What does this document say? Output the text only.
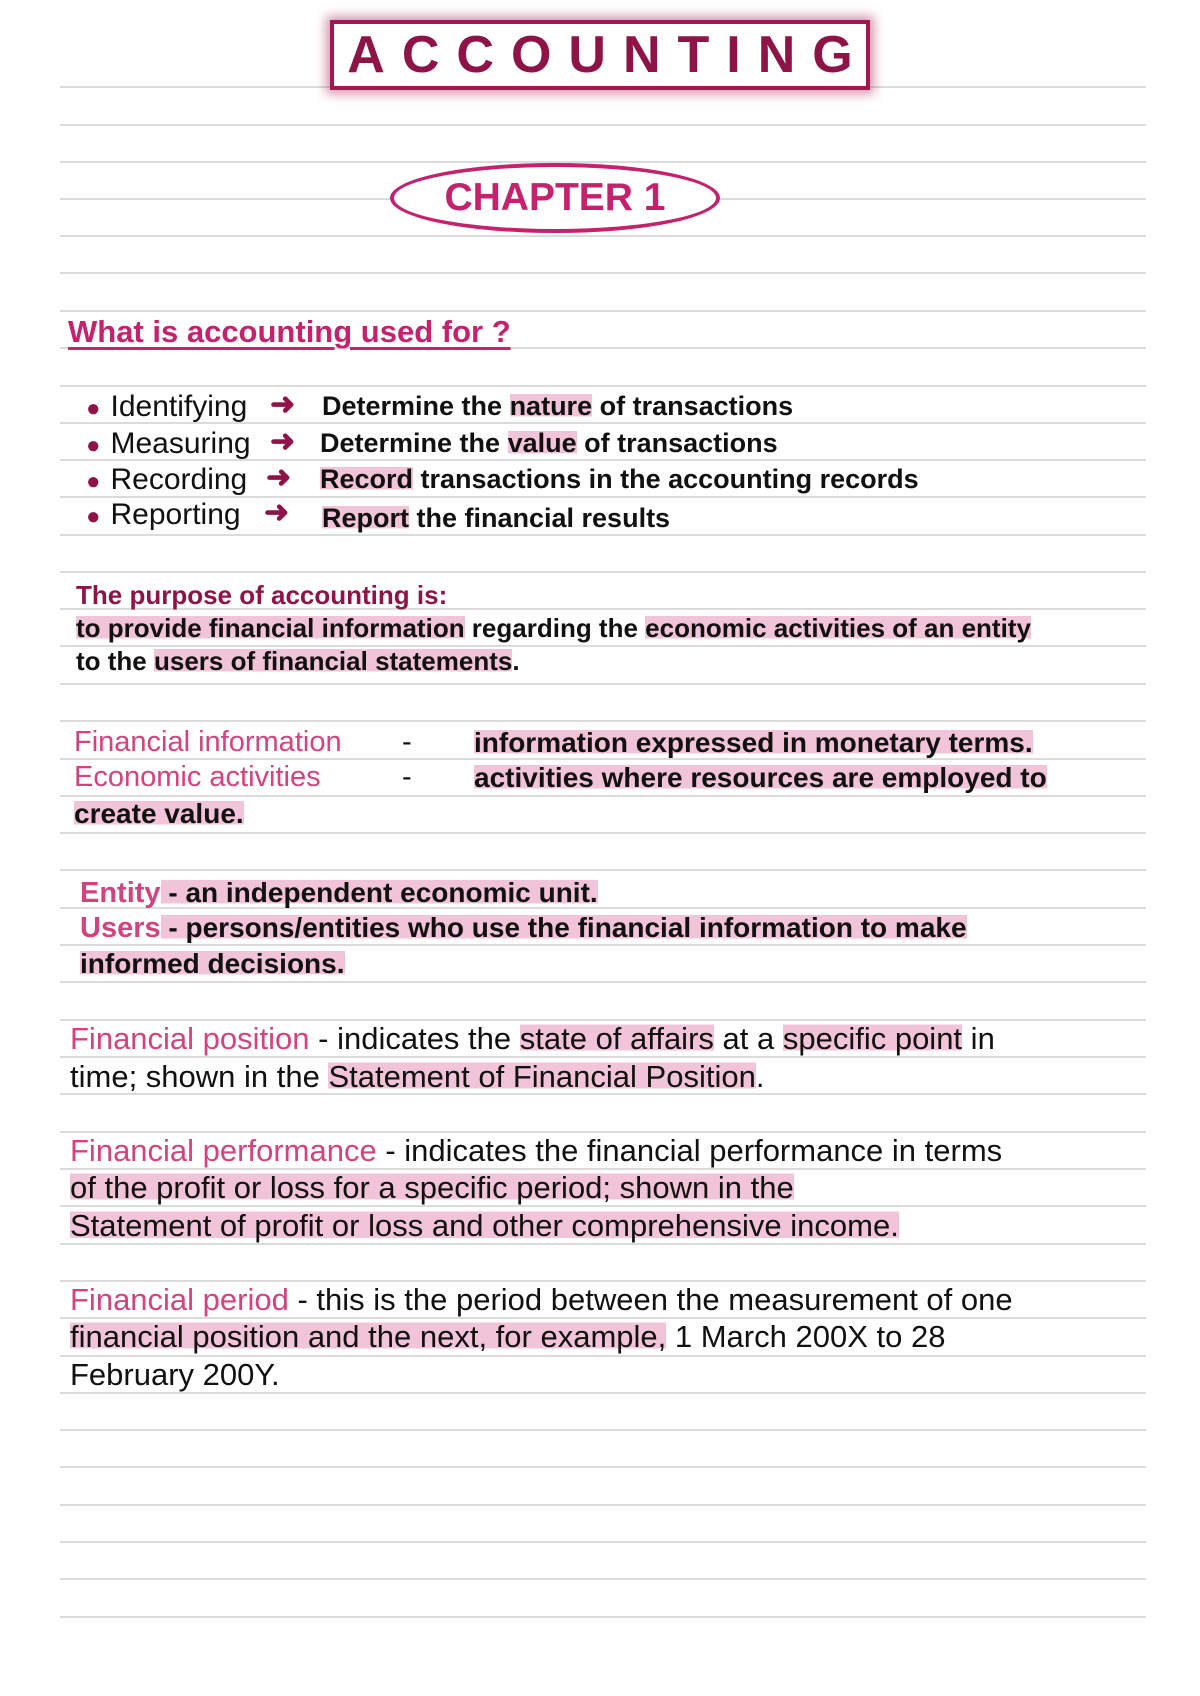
ACCOUNTING
CHAPTER 1
What is accounting used for ?
● Identifying ➜ Determine the nature of transactions
● Measuring ➜ Determine the value of transactions
● Recording ➜ Record transactions in the accounting records
● Reporting ➜ Report the financial results
The purpose of accounting is:
to provide financial information regarding the economic activities of an entity
to the users of financial statements.
Financial information - information expressed in monetary terms.
Economic activities	- activities where resources are employed to
create value.
Entity - an independent economic unit.
Users - persons/entities who use the financial information to make
informed decisions.
Financial position - indicates the state of affairs at a specific point in
time; shown in the Statement of Financial Position.
Financial performance - indicates the financial performance in terms
of the profit or loss for a specific period; shown in the
Statement of profit or loss and other comprehensive income.
Financial period - this is the period between the measurement of one
financial position and the next, for example, 1 March 200X to 28
February 200Y.
